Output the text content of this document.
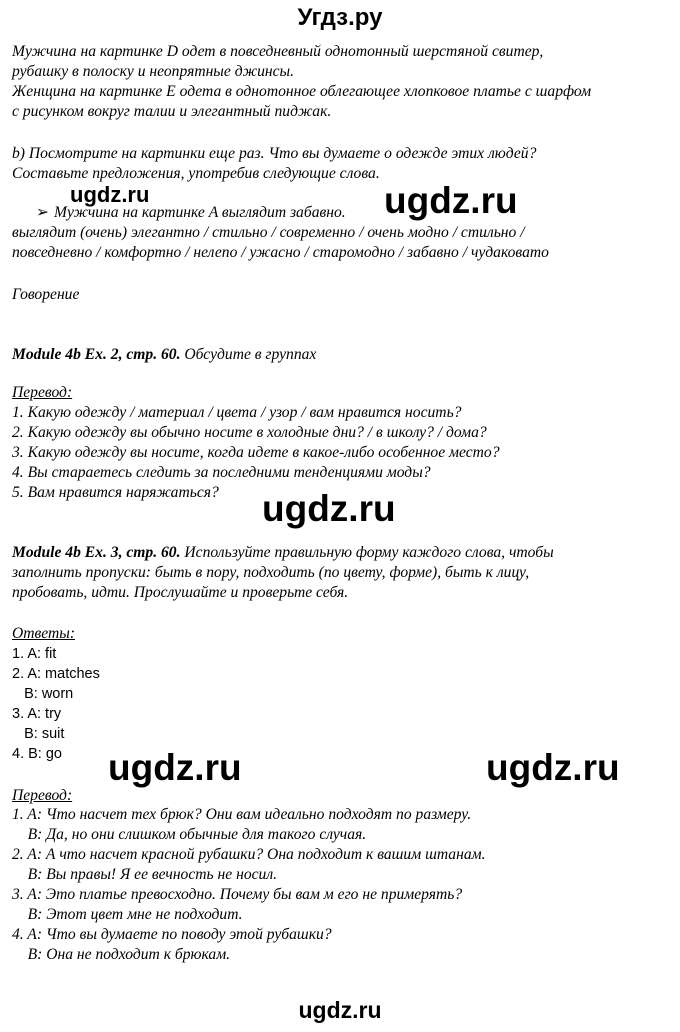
Угдз.ру
Мужчина на картинке D одет в повседневный однотонный шерстяной свитер,
рубашку в полоску и неопрятные джинсы.
Женщина на картинке E одета в однотонное облегающее хлопковое платье с шарфом
с рисунком вокруг талии и элегантный пиджак.
b) Посмотрите на картинки еще раз. Что вы думаете о одежде этих людей?
Составьте предложения, употребив следующие слова.
ugdz.ru
➢ Мужчина на картинке A выглядит забавно. ugdz.ru
выглядит (очень) элегантно / стильно / современно / очень модно / стильно /
повседневно / комфортно / нелепо / ужасно / старомодно / забавно / чудаковато
Говорение
Module 4b Ex. 2, стр. 60. Обсудите в группах
Перевод:
1. Какую одежду / материал / цвета / узор / вам нравится носить?
2. Какую одежду вы обычно носите в холодные дни? / в школу? / дома?
3. Какую одежду вы носите, когда идете в какое-либо особенное место?
4. Вы стараетесь следить за последними тенденциями моды?
5. Вам нравится наряжаться? ugdz.ru
Module 4b Ex. 3, стр. 60. Используйте правильную форму каждого слова, чтобы
заполнить пропуски: быть в пору, подходить (по цвету, форме), быть к лицу,
пробовать, идти. Прослушайте и проверьте себя.
Ответы:
1. A: fit
2. A: matches
B: worn
3. A: try
B: suit
4. B: go ugdz.ru	ugdz.ru
Перевод:
1. A: Что насчет тех брюк? Они вам идеально подходят по размеру.
B: Да, но они слишком обычные для такого случая.
2. A: А что насчет красной рубашки? Она подходит к вашим штанам.
B: Вы правы! Я ее вечность не носил.
3. A: Это платье превосходно. Почему бы вам м его не примерять?
B: Этот цвет мне не подходит.
4. A: Что вы думаете по поводу этой рубашки?
B: Она не подходит к брюкам.
ugdz.ru
